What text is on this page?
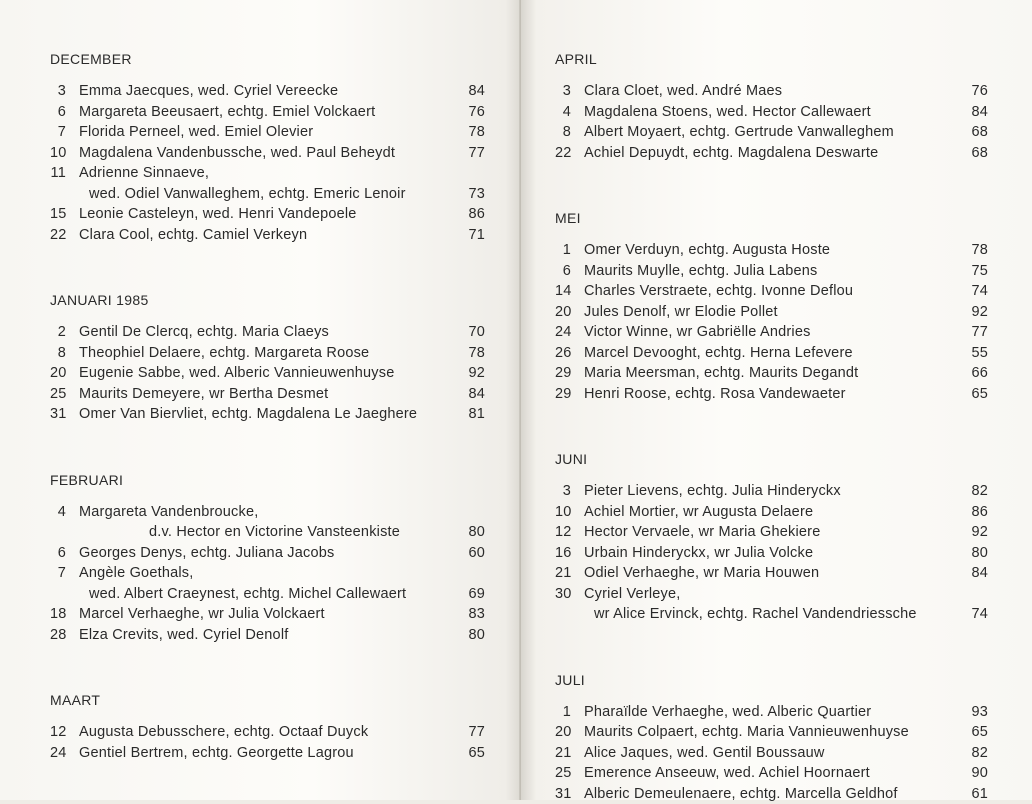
DECEMBER
3 Emma Jaecques, wed. Cyriel Vereecke	84
6 Margareta Beeusaert, echtg. Emiel Volckaert	76
7 Florida Perneel, wed. Emiel Olevier	78
10 Magdalena Vandenbussche, wed. Paul Beheydt	77
11 Adrienne Sinnaeve,
wed. Odiel Vanwalleghem, echtg. Emeric Lenoir	73
15 Leonie Casteleyn, wed. Henri Vandepoele	86
22 Clara Cool, echtg. Camiel Verkeyn	71
JANUARI 1985
2 Gentil De Clercq, echtg. Maria Claeys	70
8 Theophiel Delaere, echtg. Margareta Roose	78
20 Eugenie Sabbe, wed. Alberic Vannieuwenhuyse	92
25 Maurits Demeyere, wr Bertha Desmet	84
31 Omer Van Biervliet, echtg. Magdalena Le Jaeghere	81
FEBRUARI
4 Margareta Vandenbroucke,
d.v. Hector en Victorine Vansteenkiste	80
6 Georges Denys, echtg. Juliana Jacobs	60
7 Angèle Goethals,
wed. Albert Craeynest, echtg. Michel Callewaert	69
18 Marcel Verhaeghe, wr Julia Volckaert	83
28 Elza Crevits, wed. Cyriel Denolf	80
MAART
12 Augusta Debusschere, echtg. Octaaf Duyck	77
24 Gentiel Bertrem, echtg. Georgette Lagrou	65
APRIL
3 Clara Cloet, wed. André Maes	76
4 Magdalena Stoens, wed. Hector Callewaert	84
8 Albert Moyaert, echtg. Gertrude Vanwalleghem	68
22 Achiel Depuydt, echtg. Magdalena Deswarte	68
MEI
1 Omer Verduyn, echtg. Augusta Hoste	78
6 Maurits Muylle, echtg. Julia Labens	75
14 Charles Verstraete, echtg. Ivonne Deflou	74
20 Jules Denolf, wr Elodie Pollet	92
24 Victor Winne, wr Gabriëlle Andries	77
26 Marcel Devooght, echtg. Herna Lefevere	55
29 Maria Meersman, echtg. Maurits Degandt	66
29 Henri Roose, echtg. Rosa Vandewaeter	65
JUNI
3 Pieter Lievens, echtg. Julia Hinderyckx	82
10 Achiel Mortier, wr Augusta Delaere	86
12 Hector Vervaele, wr Maria Ghekiere	92
16 Urbain Hinderyckx, wr Julia Volcke	80
21 Odiel Verhaeghe, wr Maria Houwen	84
30 Cyriel Verleye,
wr Alice Ervinck, echtg. Rachel Vandendriessche	74
JULI
1 Pharaïlde Verhaeghe, wed. Alberic Quartier	93
20 Maurits Colpaert, echtg. Maria Vannieuwenhuyse	65
21 Alice Jaques, wed. Gentil Boussauw	82
25 Emerence Anseeuw, wed. Achiel Hoornaert	90
31 Alberic Demeulenaere, echtg. Marcella Geldhof	61
